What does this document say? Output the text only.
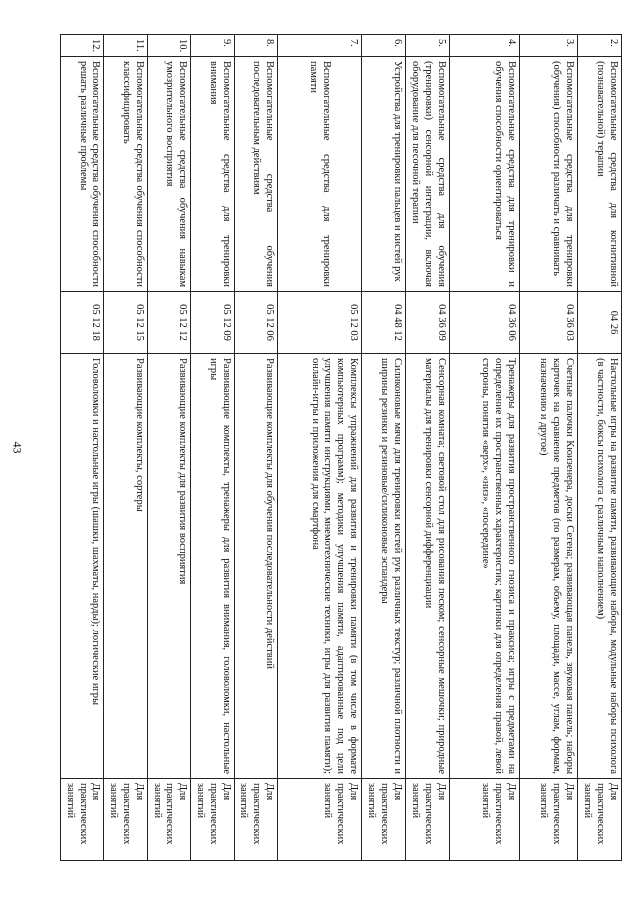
43
2.	Вспомогательные средства для когнитивной (познавательной) терапии	04 26	Настольные игры на развитие памяти, развивающие наборы, модульные наборы психолога (в частности, боксы психолога с различным наполнением)	Для практических занятий
3.	Вспомогательные средства для тренировки (обучения) способности различать и сравнивать	04 36 03	Счетные палочки Кюизенера, доски Сегена; развивающая панель, звуковая панель; наборы карточек на сравнение предметов (по размерам, объему, площади, массе, углам, формам, назначению и другое)	Для практических занятий
4.	Вспомогательные средства для тренировки и обучения способности ориентироваться	04 36 06	Тренажеры для развития пространственного гнозиса и праксиса; игры с предметами на определение их пространственных характеристик; картинки для определения правой, левой стороны, понятия «верх», «низ», «посередине»	Для практических занятий
5.	Вспомогательные средства для обучения (тренировки) сенсорной интеграции, включая оборудование для песочной терапии	04 36 09	Сенсорная комната; световой стол для рисования песком; сенсорные мешочки; природные материалы для тренировки сенсорной дифференциации	Для практических занятий
6.	Устройства для тренировки пальцев и кистей рук	04 48 12	Силиконовые мячи для тренировки кистей рук различных текстур; различной плотности и ширины резинки и резиновые/силиконовые эспандеры	Для практических занятий
7.	Вспомогательные средства для тренировки памяти	05 12 03	Комплексы упражнений для развития и тренировки памяти (в том числе в формате компьютерных программ); методики улучшения памяти, адаптированные под цели улучшения памяти инструкциями, мнемотехнические техники, игры для развития памяти); онлайн-игры и приложения для смартфона	Для практических занятий
8.	Вспомогательные средства обучения последовательным действиям	05 12 06	Развивающие комплекты для обучения последовательности действий	Для практических занятий
9.	Вспомогательные средства для тренировки внимания	05 12 09	Развивающие комплекты, тренажеры для развития внимания, головоломки, настольные игры	Для практических занятий
10.	Вспомогательные средства обучения навыкам умозрительного восприятия	05 12 12	Развивающие комплекты для развития восприятия	Для практических занятий
11.	Вспомогательные средства обучения способности классифицировать	05 12 15	Развивающие комплекты, сортеры	Для практических занятий
12.	Вспомогательные средства обучения способности решать различные проблемы	05 12 18	Головоломки и настольные игры (шашки, шахматы, нарды); логические игры	Для практических занятий
